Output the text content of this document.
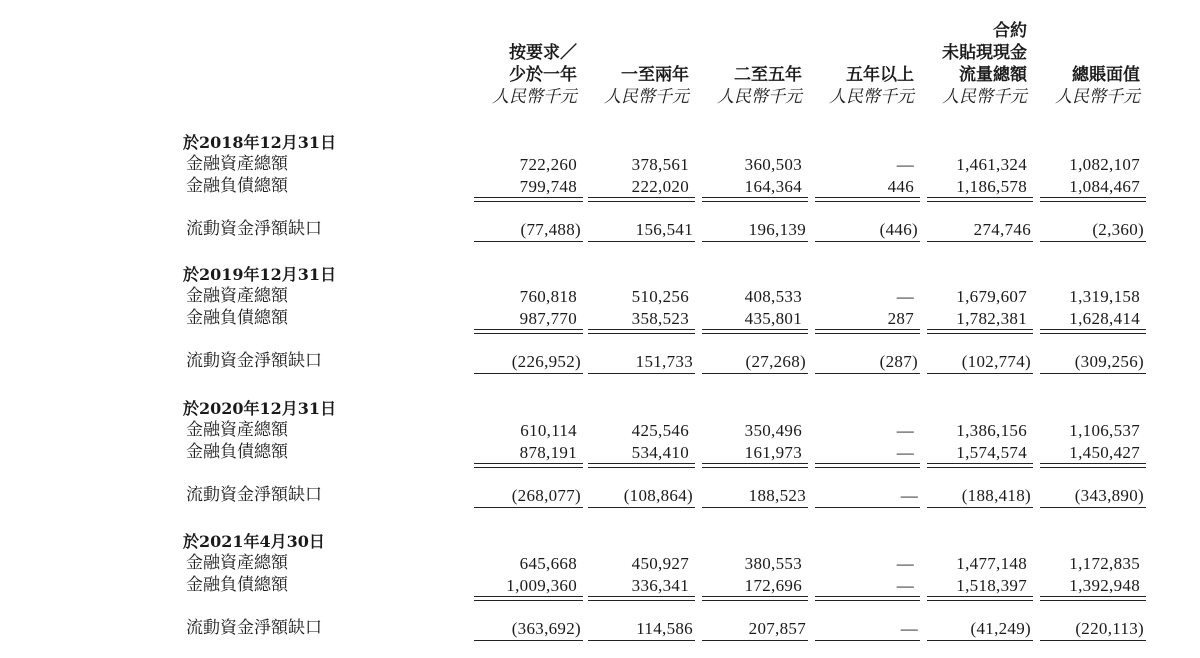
按要求／
少於一年
人民幣千元
一至兩年
人民幣千元
二至五年
人民幣千元
五年以上
人民幣千元
合約
未貼現現金
流量總額
人民幣千元
總賬面值
人民幣千元
於2018年12月31日
金融資產總額	722,260	378,561	360,503	—	1,461,324	1,082,107
金融負債總額	799,748	222,020	164,364	446	1,186,578	1,084,467
流動資金淨額缺口	(77,488)	156,541	196,139	(446)	274,746	(2,360)
於2019年12月31日
金融資產總額	760,818	510,256	408,533	—	1,679,607	1,319,158
金融負債總額	987,770	358,523	435,801	287	1,782,381	1,628,414
流動資金淨額缺口	(226,952)	151,733	(27,268)	(287)	(102,774)	(309,256)
於2020年12月31日
金融資產總額	610,114	425,546	350,496	—	1,386,156	1,106,537
金融負債總額	878,191	534,410	161,973	—	1,574,574	1,450,427
流動資金淨額缺口	(268,077)	(108,864)	188,523	—	(188,418)	(343,890)
於2021年4月30日
金融資產總額	645,668	450,927	380,553	—	1,477,148	1,172,835
金融負債總額	1,009,360	336,341	172,696	—	1,518,397	1,392,948
流動資金淨額缺口	(363,692)	114,586	207,857	—	(41,249)	(220,113)
